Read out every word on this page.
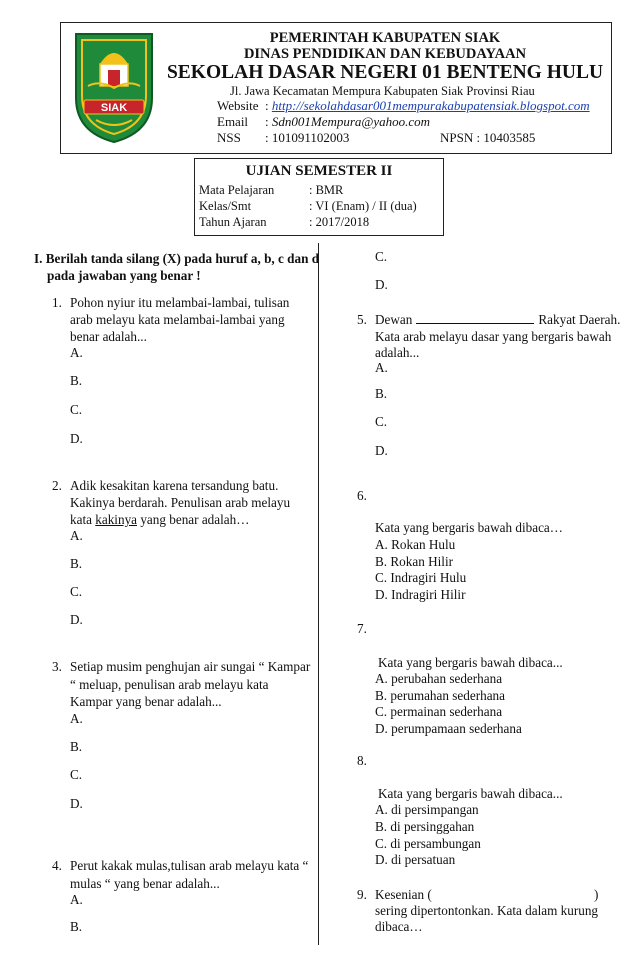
SIAK
PEMERINTAH KABUPATEN SIAK
DINAS PENDIDIKAN DAN KEBUDAYAAN
SEKOLAH DASAR NEGERI 01 BENTENG HULU
Jl. Jawa Kecamatan Mempura Kabupaten Siak Provinsi Riau
Website : http://sekolahdasar001mempurakabupatensiak.blogspot.com
Email : Sdn001Mempura@yahoo.com
NSS : 101091102003	NPSN : 10403585
UJIAN SEMESTER II
Mata Pelajaran	: BMR
Kelas/Smt	: VI (Enam) / II (dua)
Tahun Ajaran	: 2017/2018
I. Berilah tanda silang (X) pada huruf a, b, c dan d
pada jawaban yang benar !
1. Pohon nyiur itu melambai-lambai, tulisan
arab melayu kata melambai-lambai yang
benar adalah...
A.
B.
C.
D.
2. Adik kesakitan karena tersandung batu.
Kakinya berdarah. Penulisan arab melayu
kata kakinya yang benar adalah…
A.
B.
C.
D.
3. Setiap musim penghujan air sungai “ Kampar
“ meluap, penulisan arab melayu kata
Kampar yang benar adalah...
A.
B.
C.
D.
4. Perut kakak mulas,tulisan arab melayu kata “
mulas “ yang benar adalah...
A.
B.
C.
D.
5. Dewan	Rakyat Daerah.
Kata arab melayu dasar yang bergaris bawah
adalah...
A.
B.
C.
D.
6.
Kata yang bergaris bawah dibaca…
A. Rokan Hulu
B. Rokan Hilir
C. Indragiri Hulu
D. Indragiri Hilir
7.
Kata yang bergaris bawah dibaca...
A. perubahan sederhana
B. perumahan sederhana
C. permainan sederhana
D. perumpamaan sederhana
8.
Kata yang bergaris bawah dibaca...
A. di persimpangan
B. di persinggahan
C. di persambungan
D. di persatuan
9. Kesenian (	)
sering dipertontonkan. Kata dalam kurung
dibaca…
